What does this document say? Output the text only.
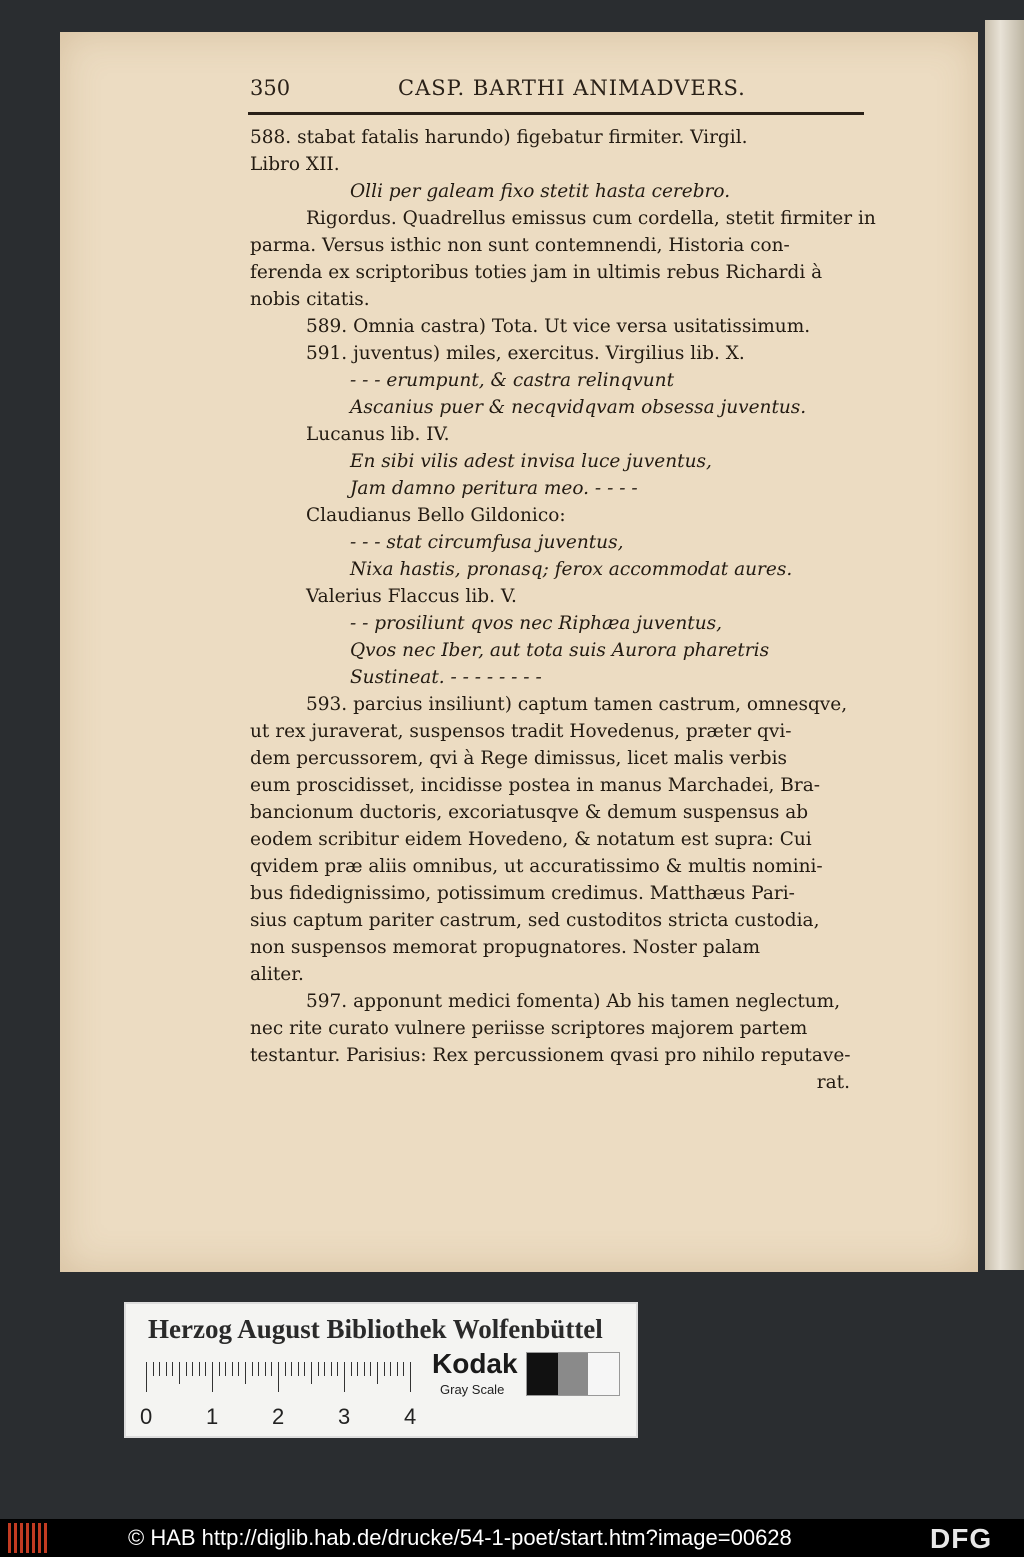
350	CASP. BARTHI ANIMADVERS.
588. stabat fatalis harundo) figebatur firmiter. Virgil.
Libro XII.
Olli per galeam fixo stetit hasta cerebro.
Rigordus. Quadrellus emissus cum cordella, stetit firmiter in
parma. Versus isthic non sunt contemnendi, Historia con-
ferenda ex scriptoribus toties jam in ultimis rebus Richardi à
nobis citatis.
589. Omnia castra) Tota. Ut vice versa usitatissimum.
591. juventus) miles, exercitus. Virgilius lib. X.
- - - erumpunt, & castra relinqvunt
Ascanius puer & necqvidqvam obsessa juventus.
Lucanus lib. IV.
En sibi vilis adest invisa luce juventus,
Jam damno peritura meo. - - - -
Claudianus Bello Gildonico:
- - - stat circumfusa juventus,
Nixa hastis, pronasq; ferox accommodat aures.
Valerius Flaccus lib. V.
- - prosiliunt qvos nec Riphæa juventus,
Qvos nec Iber, aut tota suis Aurora pharetris
Sustineat. - - - - - - - -
593. parcius insiliunt) captum tamen castrum, omnesqve,
ut rex juraverat, suspensos tradit Hovedenus, præter qvi-
dem percussorem, qvi à Rege dimissus, licet malis verbis
eum proscidisset, incidisse postea in manus Marchadei, Bra-
bancionum ductoris, excoriatusqve & demum suspensus ab
eodem scribitur eidem Hovedeno, & notatum est supra: Cui
qvidem præ aliis omnibus, ut accuratissimo & multis nomini-
bus fidedignissimo, potissimum credimus. Matthæus Pari-
sius captum pariter castrum, sed custoditos stricta custodia,
non suspensos memorat propugnatores. Noster palam
aliter.
597. apponunt medici fomenta) Ab his tamen neglectum,
nec rite curato vulnere periisse scriptores majorem partem
testantur. Parisius: Rex percussionem qvasi pro nihilo reputave-
rat.
Herzog August Bibliothek Wolfenbüttel
0 1 2 3 4
Kodak
Gray Scale
© HAB http://diglib.hab.de/drucke/54-1-poet/start.htm?image=00628	DFG
